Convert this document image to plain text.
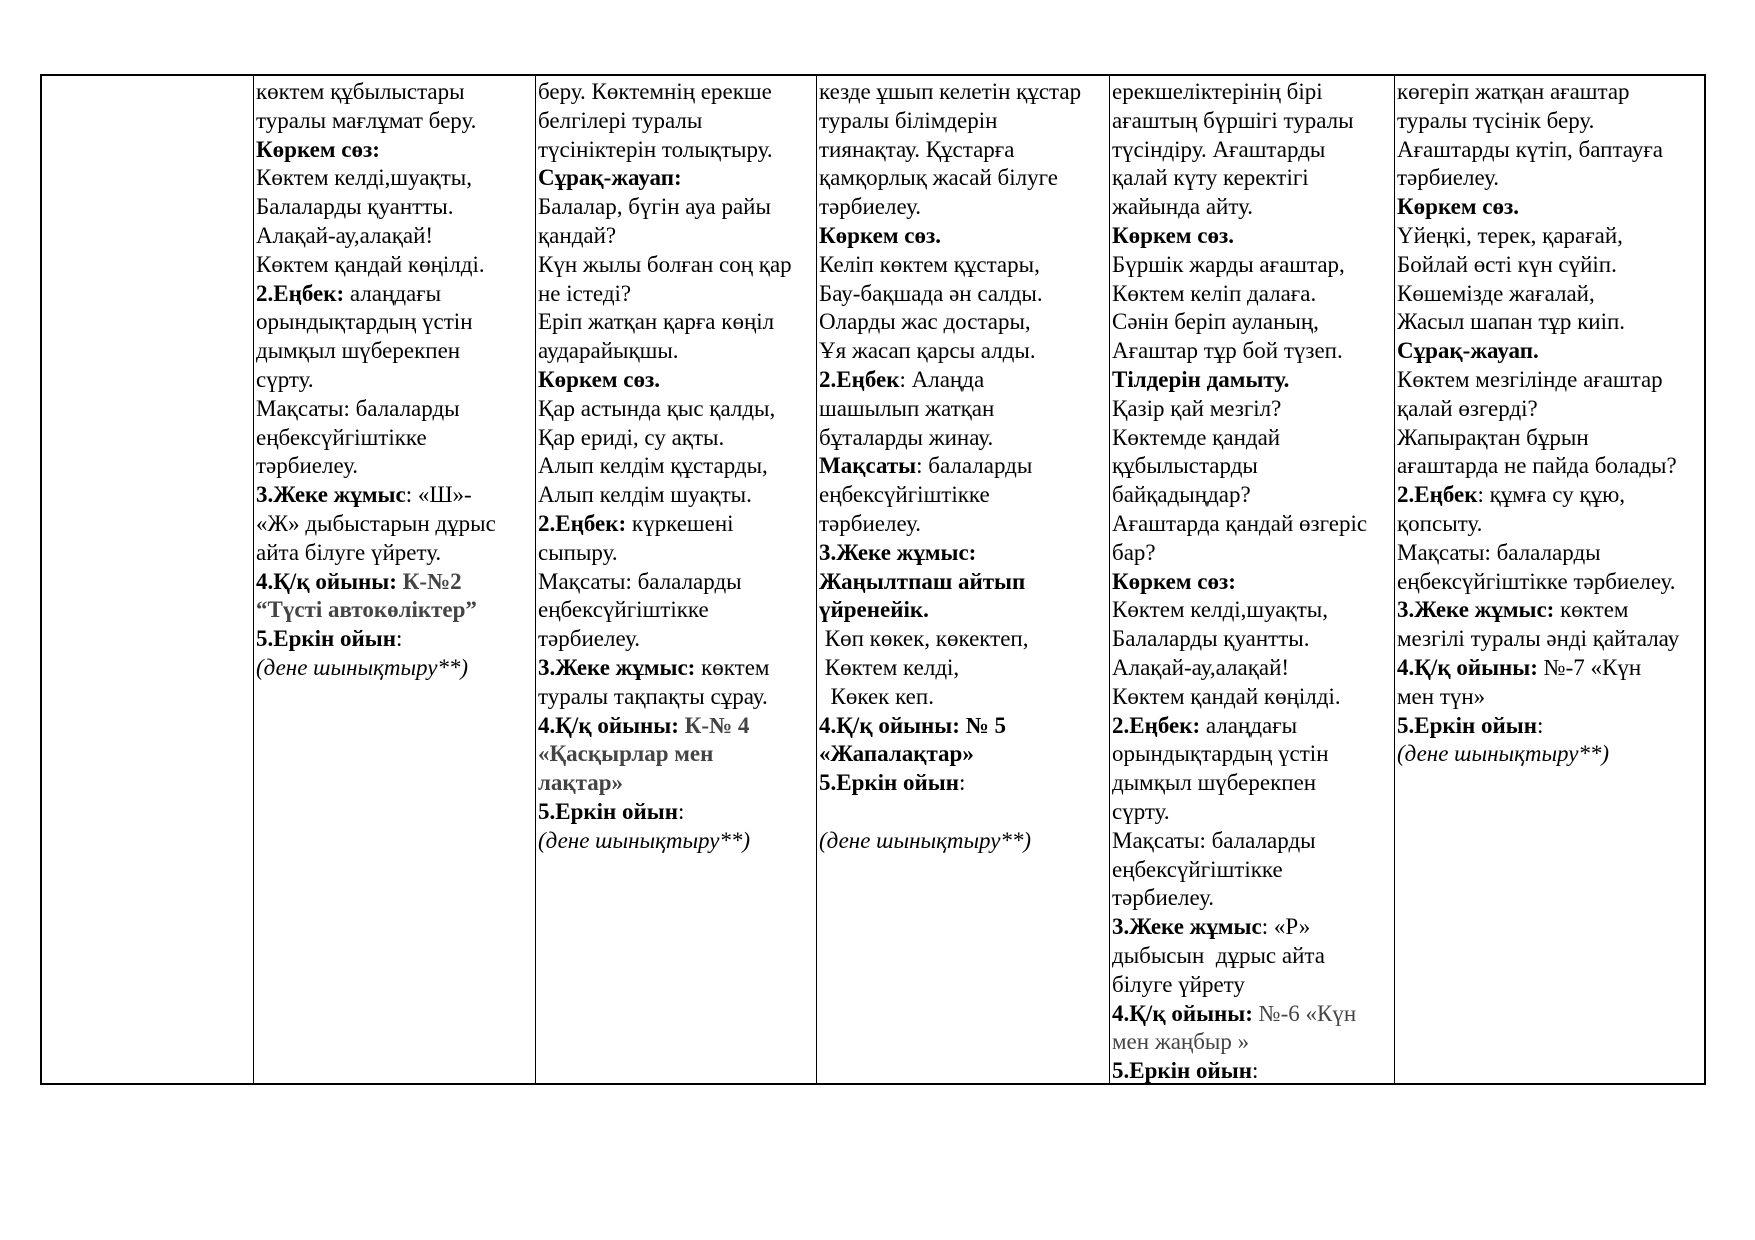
көктем құбылыстары
туралы мағлұмат беру.
Көркем сөз:
Көктем келді,шуақты,
Балаларды қуантты.
Алақай-ау,алақай!
Көктем қандай көңілді.
2.Еңбек: алаңдағы
орындықтардың үстін
дымқыл шүберекпен
сүрту.
Мақсаты: балаларды
еңбексүйгіштікке
тәрбиелеу.
3.Жеке жұмыс: «Ш»-
«Ж» дыбыстарын дұрыс
айта білуге үйрету.
4.Қ/қ ойыны: К-№2
“Түсті автокөліктер”
5.Еркін ойын:
(дене шынықтыру**)
беру. Көктемнің ерекше
белгілері туралы
түсініктерін толықтыру.
Сұрақ-жауап:
Балалар, бүгін ауа райы
қандай?
Күн жылы болған соң қар
не істеді?
Еріп жатқан қарға көңіл
аударайықшы.
Көркем сөз.
Қар астында қыс қалды,
Қар ериді, су ақты.
Алып келдім құстарды,
Алып келдім шуақты.
2.Еңбек: күркешені
сыпыру.
Мақсаты: балаларды
еңбексүйгіштікке
тәрбиелеу.
3.Жеке жұмыс: көктем
туралы тақпақты сұрау.
4.Қ/қ ойыны: К-№ 4
«Қасқырлар мен
лақтар»
5.Еркін ойын:
(дене шынықтыру**)
кезде ұшып келетін құстар
туралы білімдерін
тиянақтау. Құстарға
қамқорлық жасай білуге
тәрбиелеу.
Көркем сөз.
Келіп көктем құстары,
Бау-бақшада ән салды.
Оларды жас достары,
Ұя жасап қарсы алды.
2.Еңбек: Алаңда
шашылып жатқан
бұталарды жинау.
Мақсаты: балаларды
еңбексүйгіштікке
тәрбиелеу.
3.Жеке жұмыс:
Жаңылтпаш айтып
үйренейік.
Көп көкек, көкектеп,
Көктем келді,
Көкек кеп.
4.Қ/қ ойыны: № 5
«Жапалақтар»
5.Еркін ойын:
(дене шынықтыру**)
ерекшеліктерінің бірі
ағаштың бүршігі туралы
түсіндіру. Ағаштарды
қалай күту керектігі
жайында айту.
Көркем сөз.
Бүршік жарды ағаштар,
Көктем келіп далаға.
Сәнін беріп ауланың,
Ағаштар тұр бой түзеп.
Тілдерін дамыту.
Қазір қай мезгіл?
Көктемде қандай
құбылыстарды
байқадыңдар?
Ағаштарда қандай өзгеріс
бар?
Көркем сөз:
Көктем келді,шуақты,
Балаларды қуантты.
Алақай-ау,алақай!
Көктем қандай көңілді.
2.Еңбек: алаңдағы
орындықтардың үстін
дымқыл шүберекпен
сүрту.
Мақсаты: балаларды
еңбексүйгіштікке
тәрбиелеу.
3.Жеке жұмыс: «Р»
дыбысын  дұрыс айта
білуге үйрету
4.Қ/қ ойыны: №-6 «Күн
мен жаңбыр »
5.Еркін ойын:
көгеріп жатқан ағаштар
туралы түсінік беру.
Ағаштарды күтіп, баптауға
тәрбиелеу.
Көркем сөз.
Үйеңкі, терек, қарағай,
Бойлай өсті күн сүйіп.
Көшемізде жағалай,
Жасыл шапан тұр киіп.
Сұрақ-жауап.
Көктем мезгілінде ағаштар
қалай өзгерді?
Жапырақтан бұрын
ағаштарда не пайда болады?
2.Еңбек: құмға су құю,
қопсыту.
Мақсаты: балаларды
еңбексүйгіштікке тәрбиелеу.
3.Жеке жұмыс: көктем
мезгілі туралы әнді қайталау
4.Қ/қ ойыны: №-7 «Күн
мен түн»
5.Еркін ойын:
(дене шынықтыру**)
